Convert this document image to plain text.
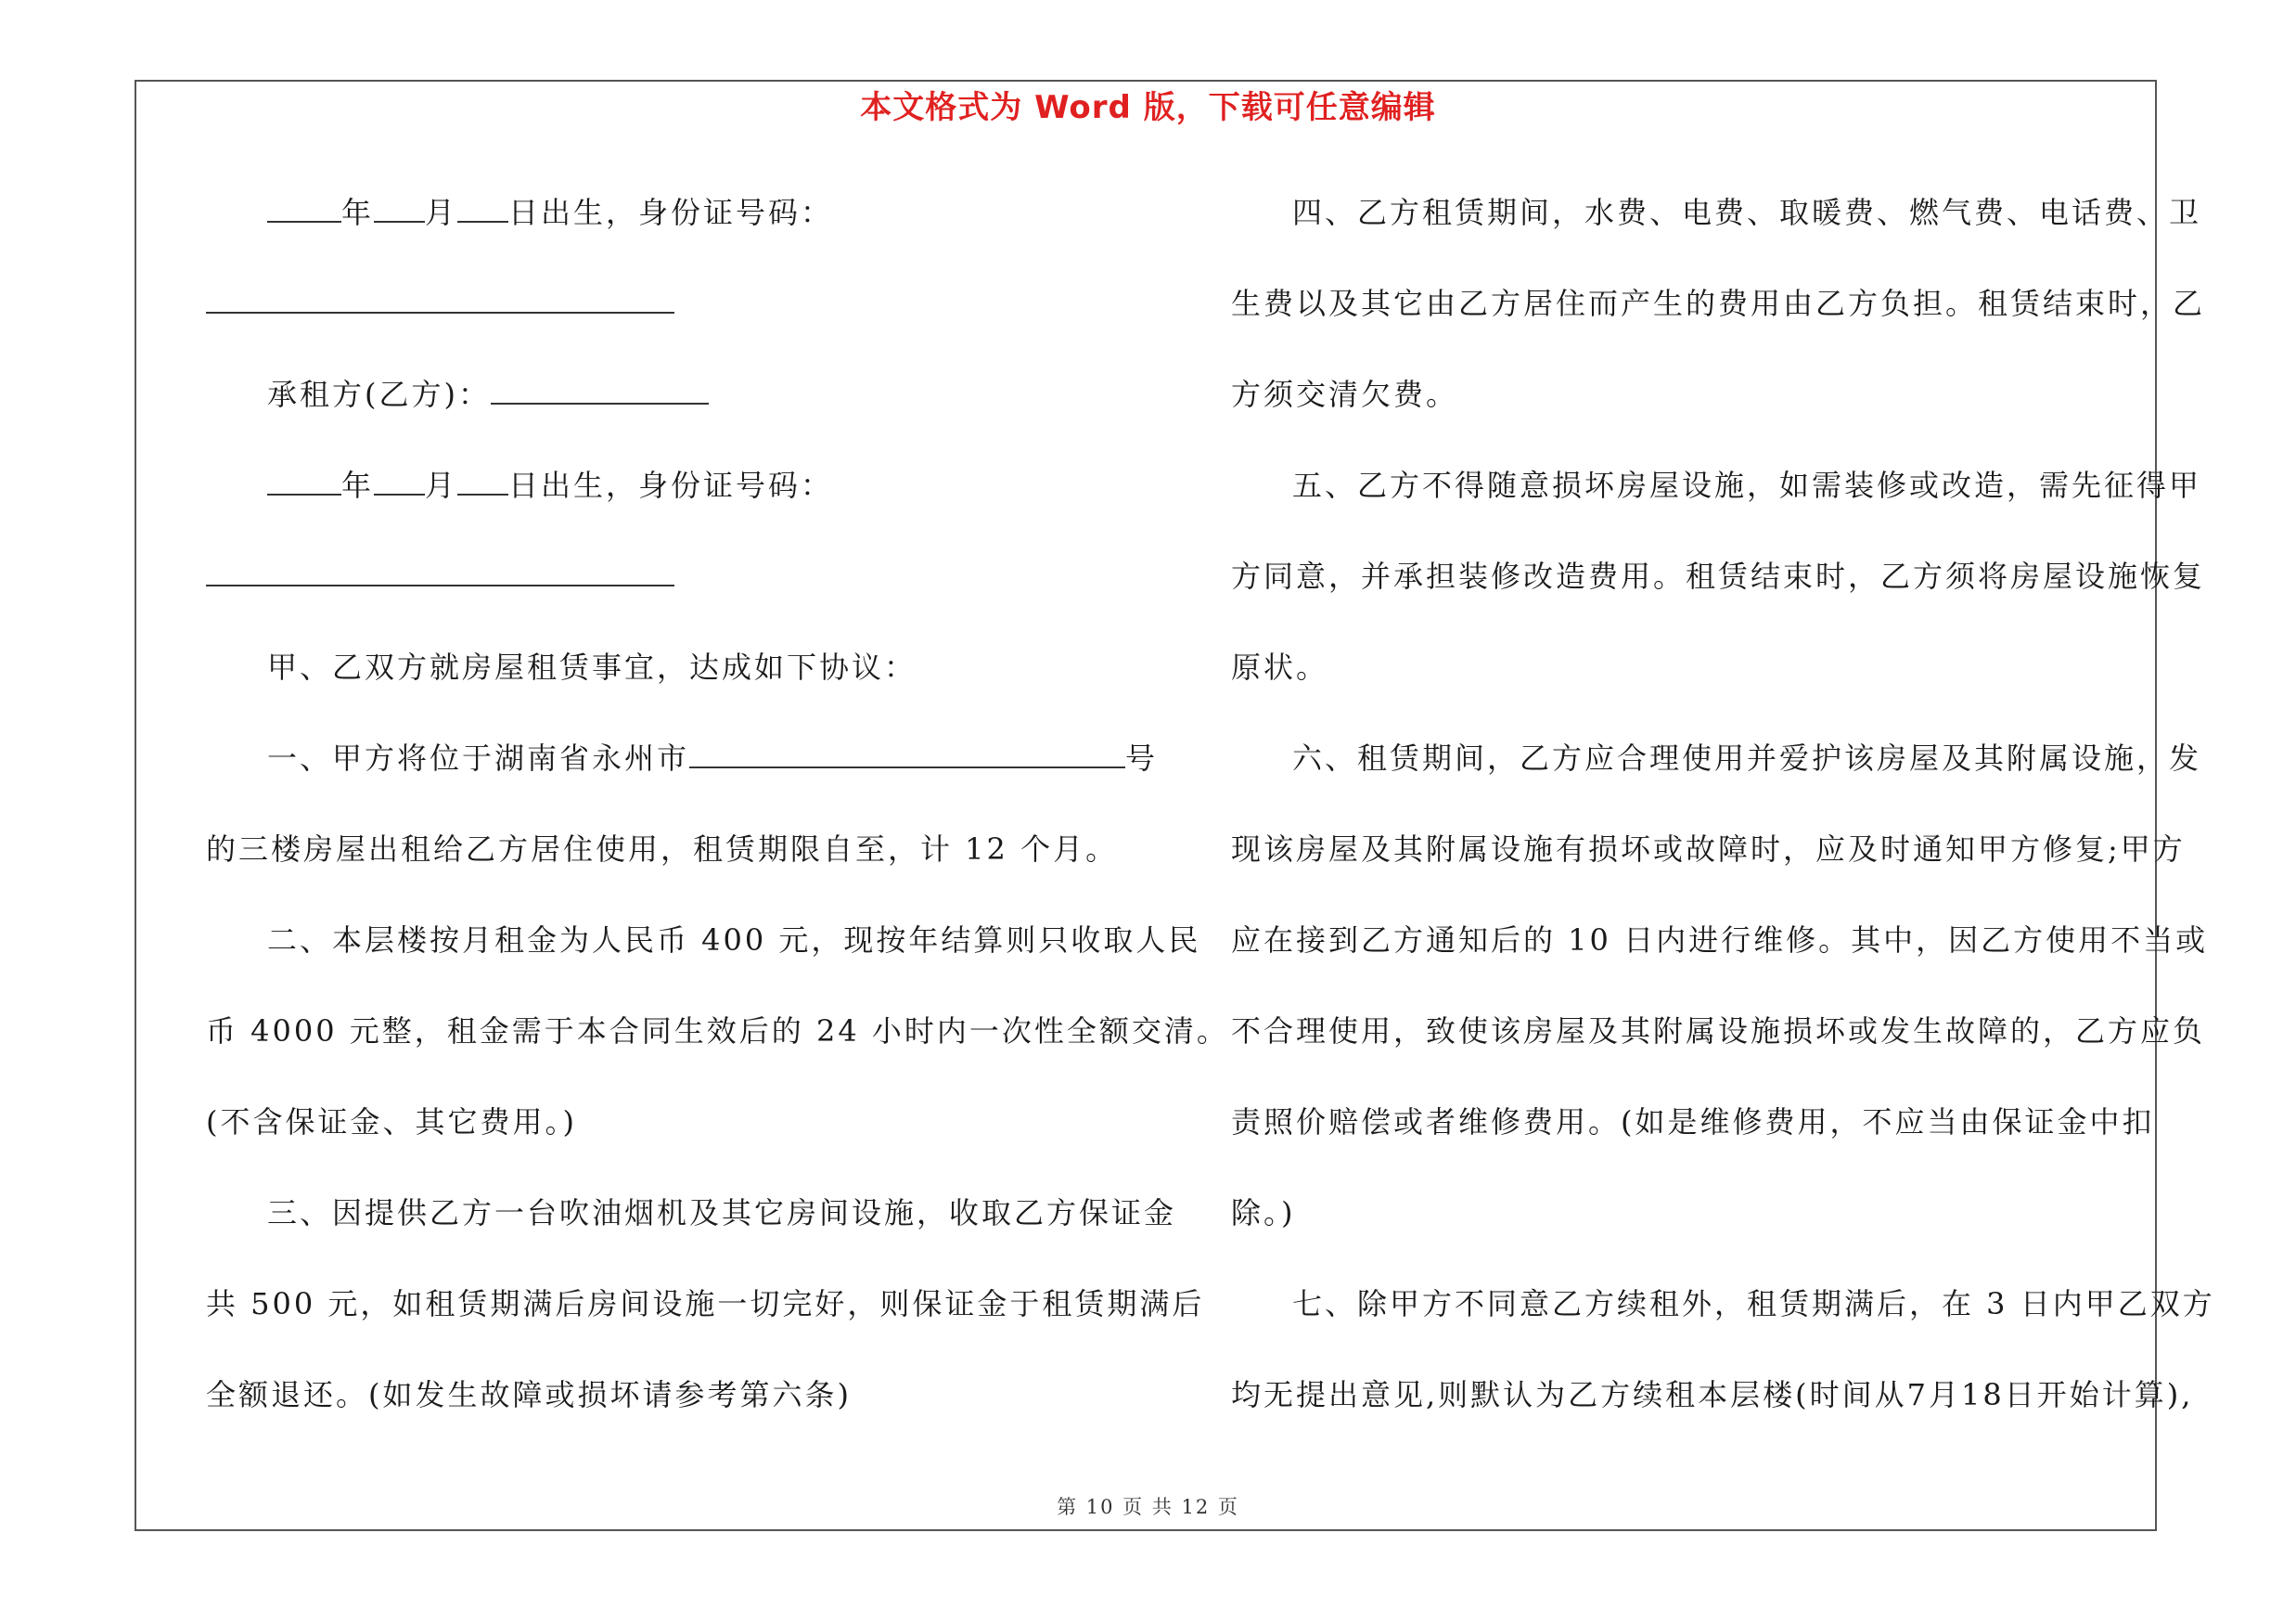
本文格式为 Word 版，下载可任意编辑
年 月 日出生，身份证号码：
承租方(乙方)：
年 月 日出生，身份证号码：
甲、乙双方就房屋租赁事宜，达成如下协议：
一、甲方将位于湖南省永州市	号
的三楼房屋出租给乙方居住使用，租赁期限自至，计 12 个月。
二、本层楼按月租金为人民币 400 元，现按年结算则只收取人民
币 4000 元整，租金需于本合同生效后的 24 小时内一次性全额交清。
(不含保证金、其它费用。)
三、因提供乙方一台吹油烟机及其它房间设施，收取乙方保证金
共 500 元，如租赁期满后房间设施一切完好，则保证金于租赁期满后
全额退还。(如发生故障或损坏请参考第六条)
四、乙方租赁期间，水费、电费、取暖费、燃气费、电话费、卫
生费以及其它由乙方居住而产生的费用由乙方负担。租赁结束时，乙
方须交清欠费。
五、乙方不得随意损坏房屋设施，如需装修或改造，需先征得甲
方同意，并承担装修改造费用。租赁结束时，乙方须将房屋设施恢复
原状。
六、租赁期间，乙方应合理使用并爱护该房屋及其附属设施，发
现该房屋及其附属设施有损坏或故障时，应及时通知甲方修复;甲方
应在接到乙方通知后的 10 日内进行维修。其中，因乙方使用不当或
不合理使用，致使该房屋及其附属设施损坏或发生故障的，乙方应负
责照价赔偿或者维修费用。(如是维修费用，不应当由保证金中扣
除。)
七、除甲方不同意乙方续租外，租赁期满后，在 3 日内甲乙双方
均无提出意见,则默认为乙方续租本层楼(时间从7月18日开始计算),
第 10 页 共 12 页
